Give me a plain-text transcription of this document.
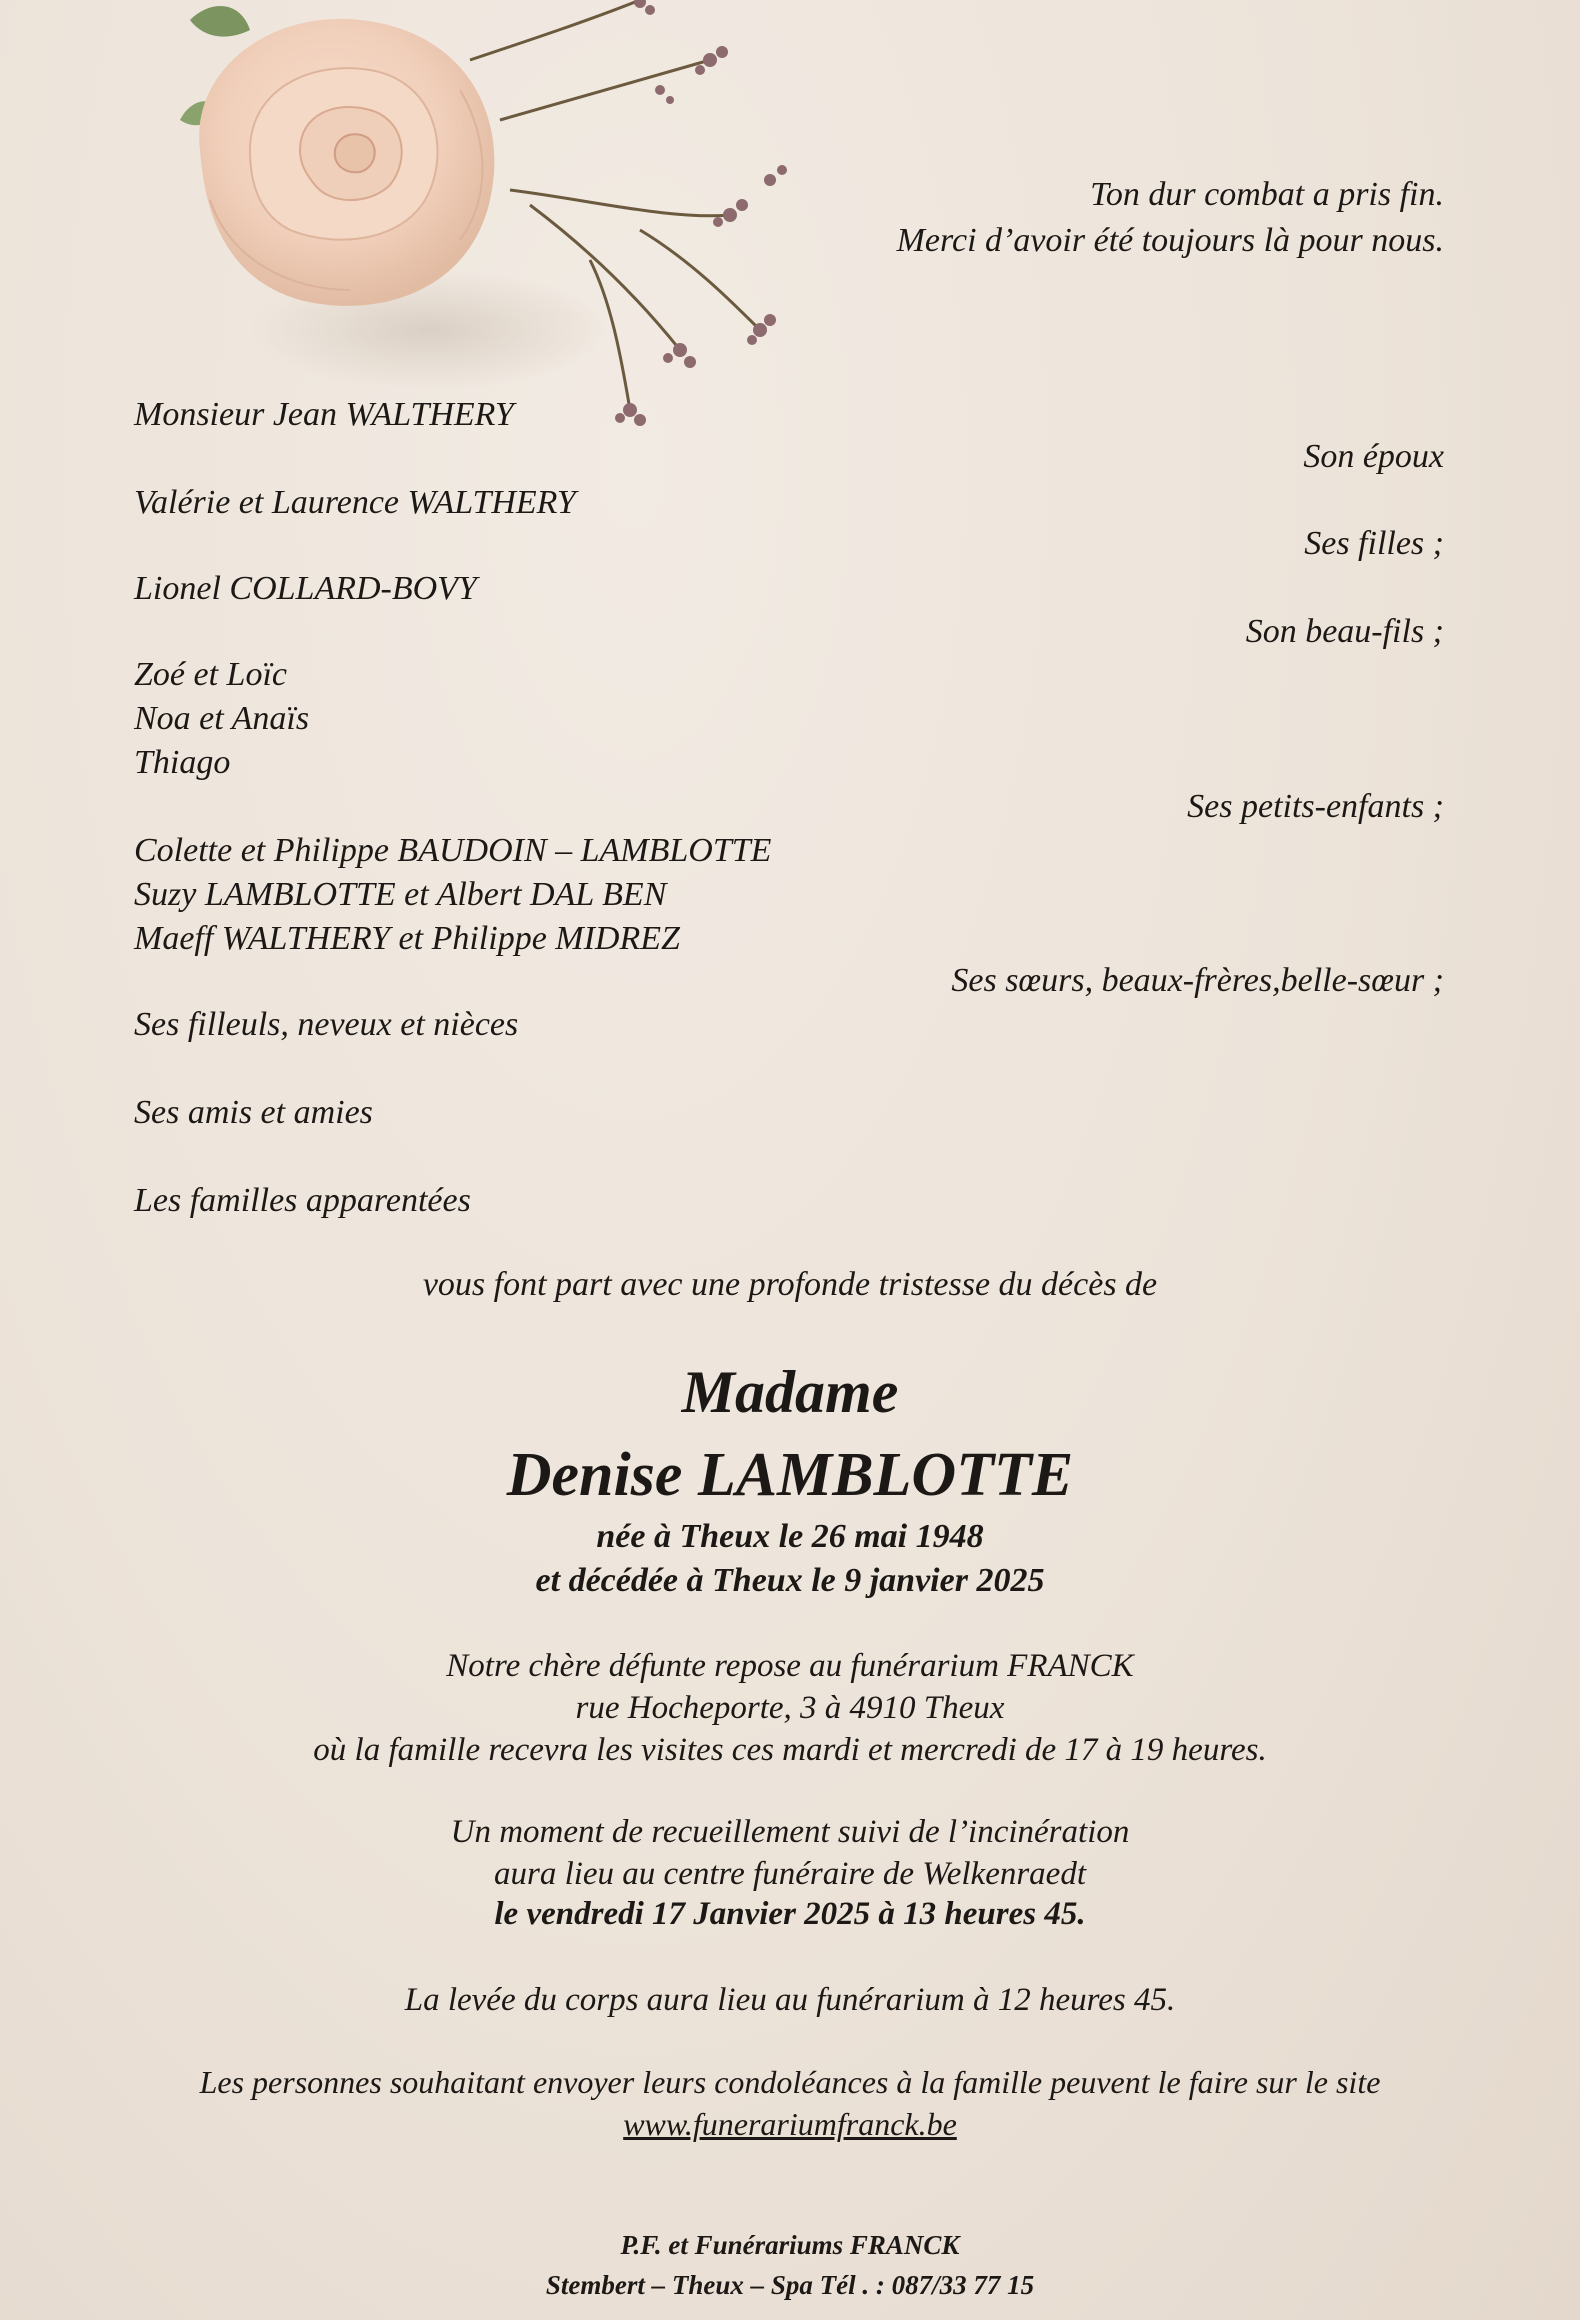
Ton dur combat a pris fin.
Merci d’avoir été toujours là pour nous.
Monsieur Jean WALTHERY
Son époux
Valérie et Laurence WALTHERY
Ses filles ;
Lionel COLLARD-BOVY
Son beau-fils ;
Zoé et Loïc
Noa et Anaïs
Thiago
Ses petits-enfants ;
Colette et Philippe BAUDOIN – LAMBLOTTE
Suzy LAMBLOTTE et Albert DAL BEN
Maeff WALTHERY et Philippe MIDREZ
Ses sœurs, beaux-frères,belle-sœur ;
Ses filleuls, neveux et nièces
Ses amis et amies
Les familles apparentées
vous font part avec une profonde tristesse du décès de
Madame
Denise LAMBLOTTE
née à Theux le 26 mai 1948
et décédée à Theux le 9 janvier 2025
Notre chère défunte repose au funérarium FRANCK
rue Hocheporte, 3 à 4910 Theux
où la famille recevra les visites ces mardi et mercredi de 17 à 19 heures.
Un moment de recueillement suivi de l’incinération
aura lieu au centre funéraire de Welkenraedt
le vendredi 17 Janvier 2025 à 13 heures 45.
La levée du corps aura lieu au funérarium à 12 heures 45.
Les personnes souhaitant envoyer leurs condoléances à la famille peuvent le faire sur le site
www.funerariumfranck.be
P.F. et Funérariums FRANCK
Stembert – Theux – Spa Tél . : 087/33 77 15
